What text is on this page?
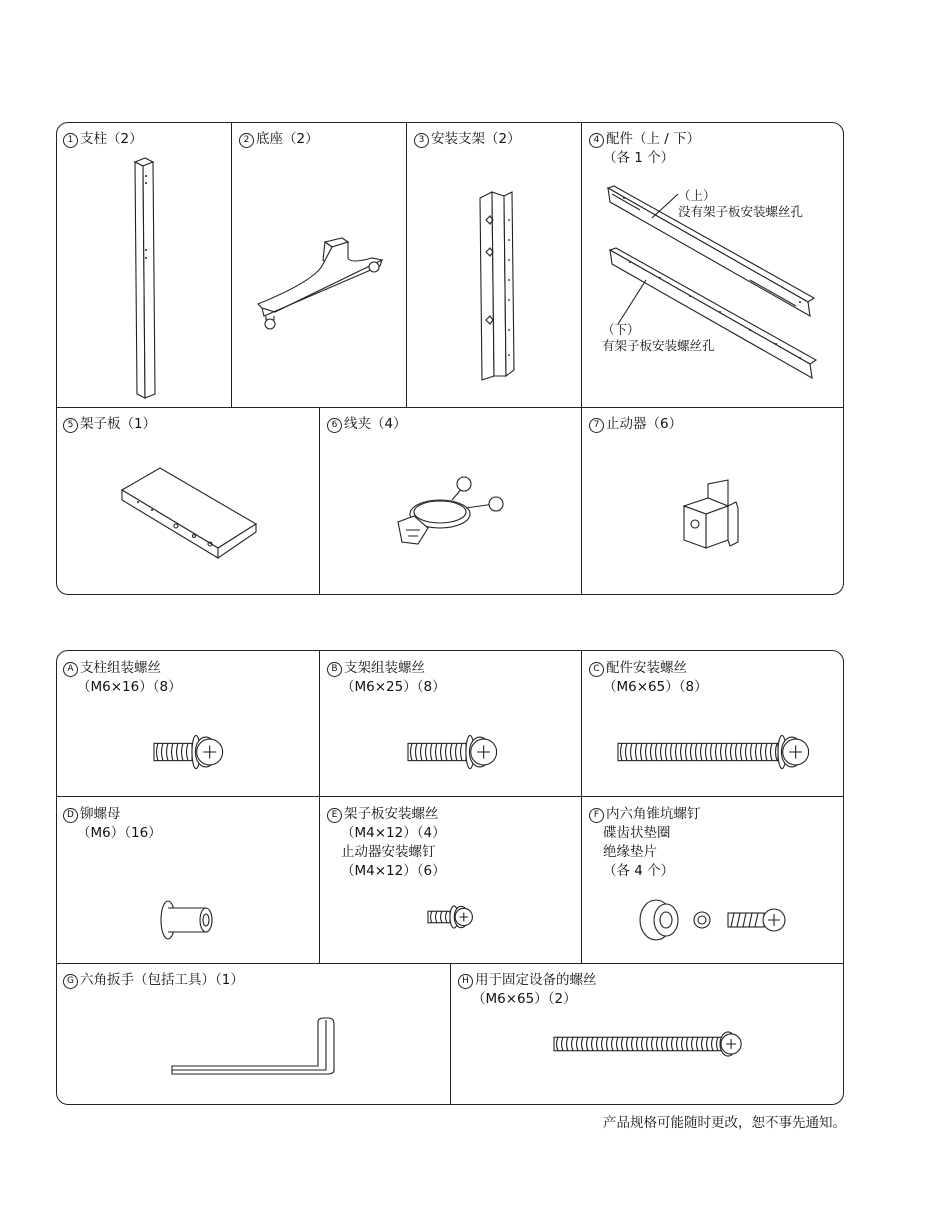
1 支柱（2）	2 底座（2）	3 安装支架（2）	4 配件（上 / 下）
（各 1 个）
5 架子板（1）	6 线夹（4）	7 止动器（6）
（上）
没有架子板安装螺丝孔
（下）
有架子板安装螺丝孔
A 支柱组装螺丝
（M6×16）（8）
B 支架组装螺丝
（M6×25）（8）
C 配件安装螺丝
（M6×65）（8）
D 铆螺母
（M6）（16）
E 架子板安装螺丝
（M4×12）（4）
止动器安装螺钉
（M4×12）（6）
F 内六角锥坑螺钉
碟齿状垫圈
绝缘垫片
（各 4 个）
G 六角扳手（包括工具）（1）	H 用于固定设备的螺丝
（M6×65）（2）
产品规格可能随时更改，恕不事先通知。
